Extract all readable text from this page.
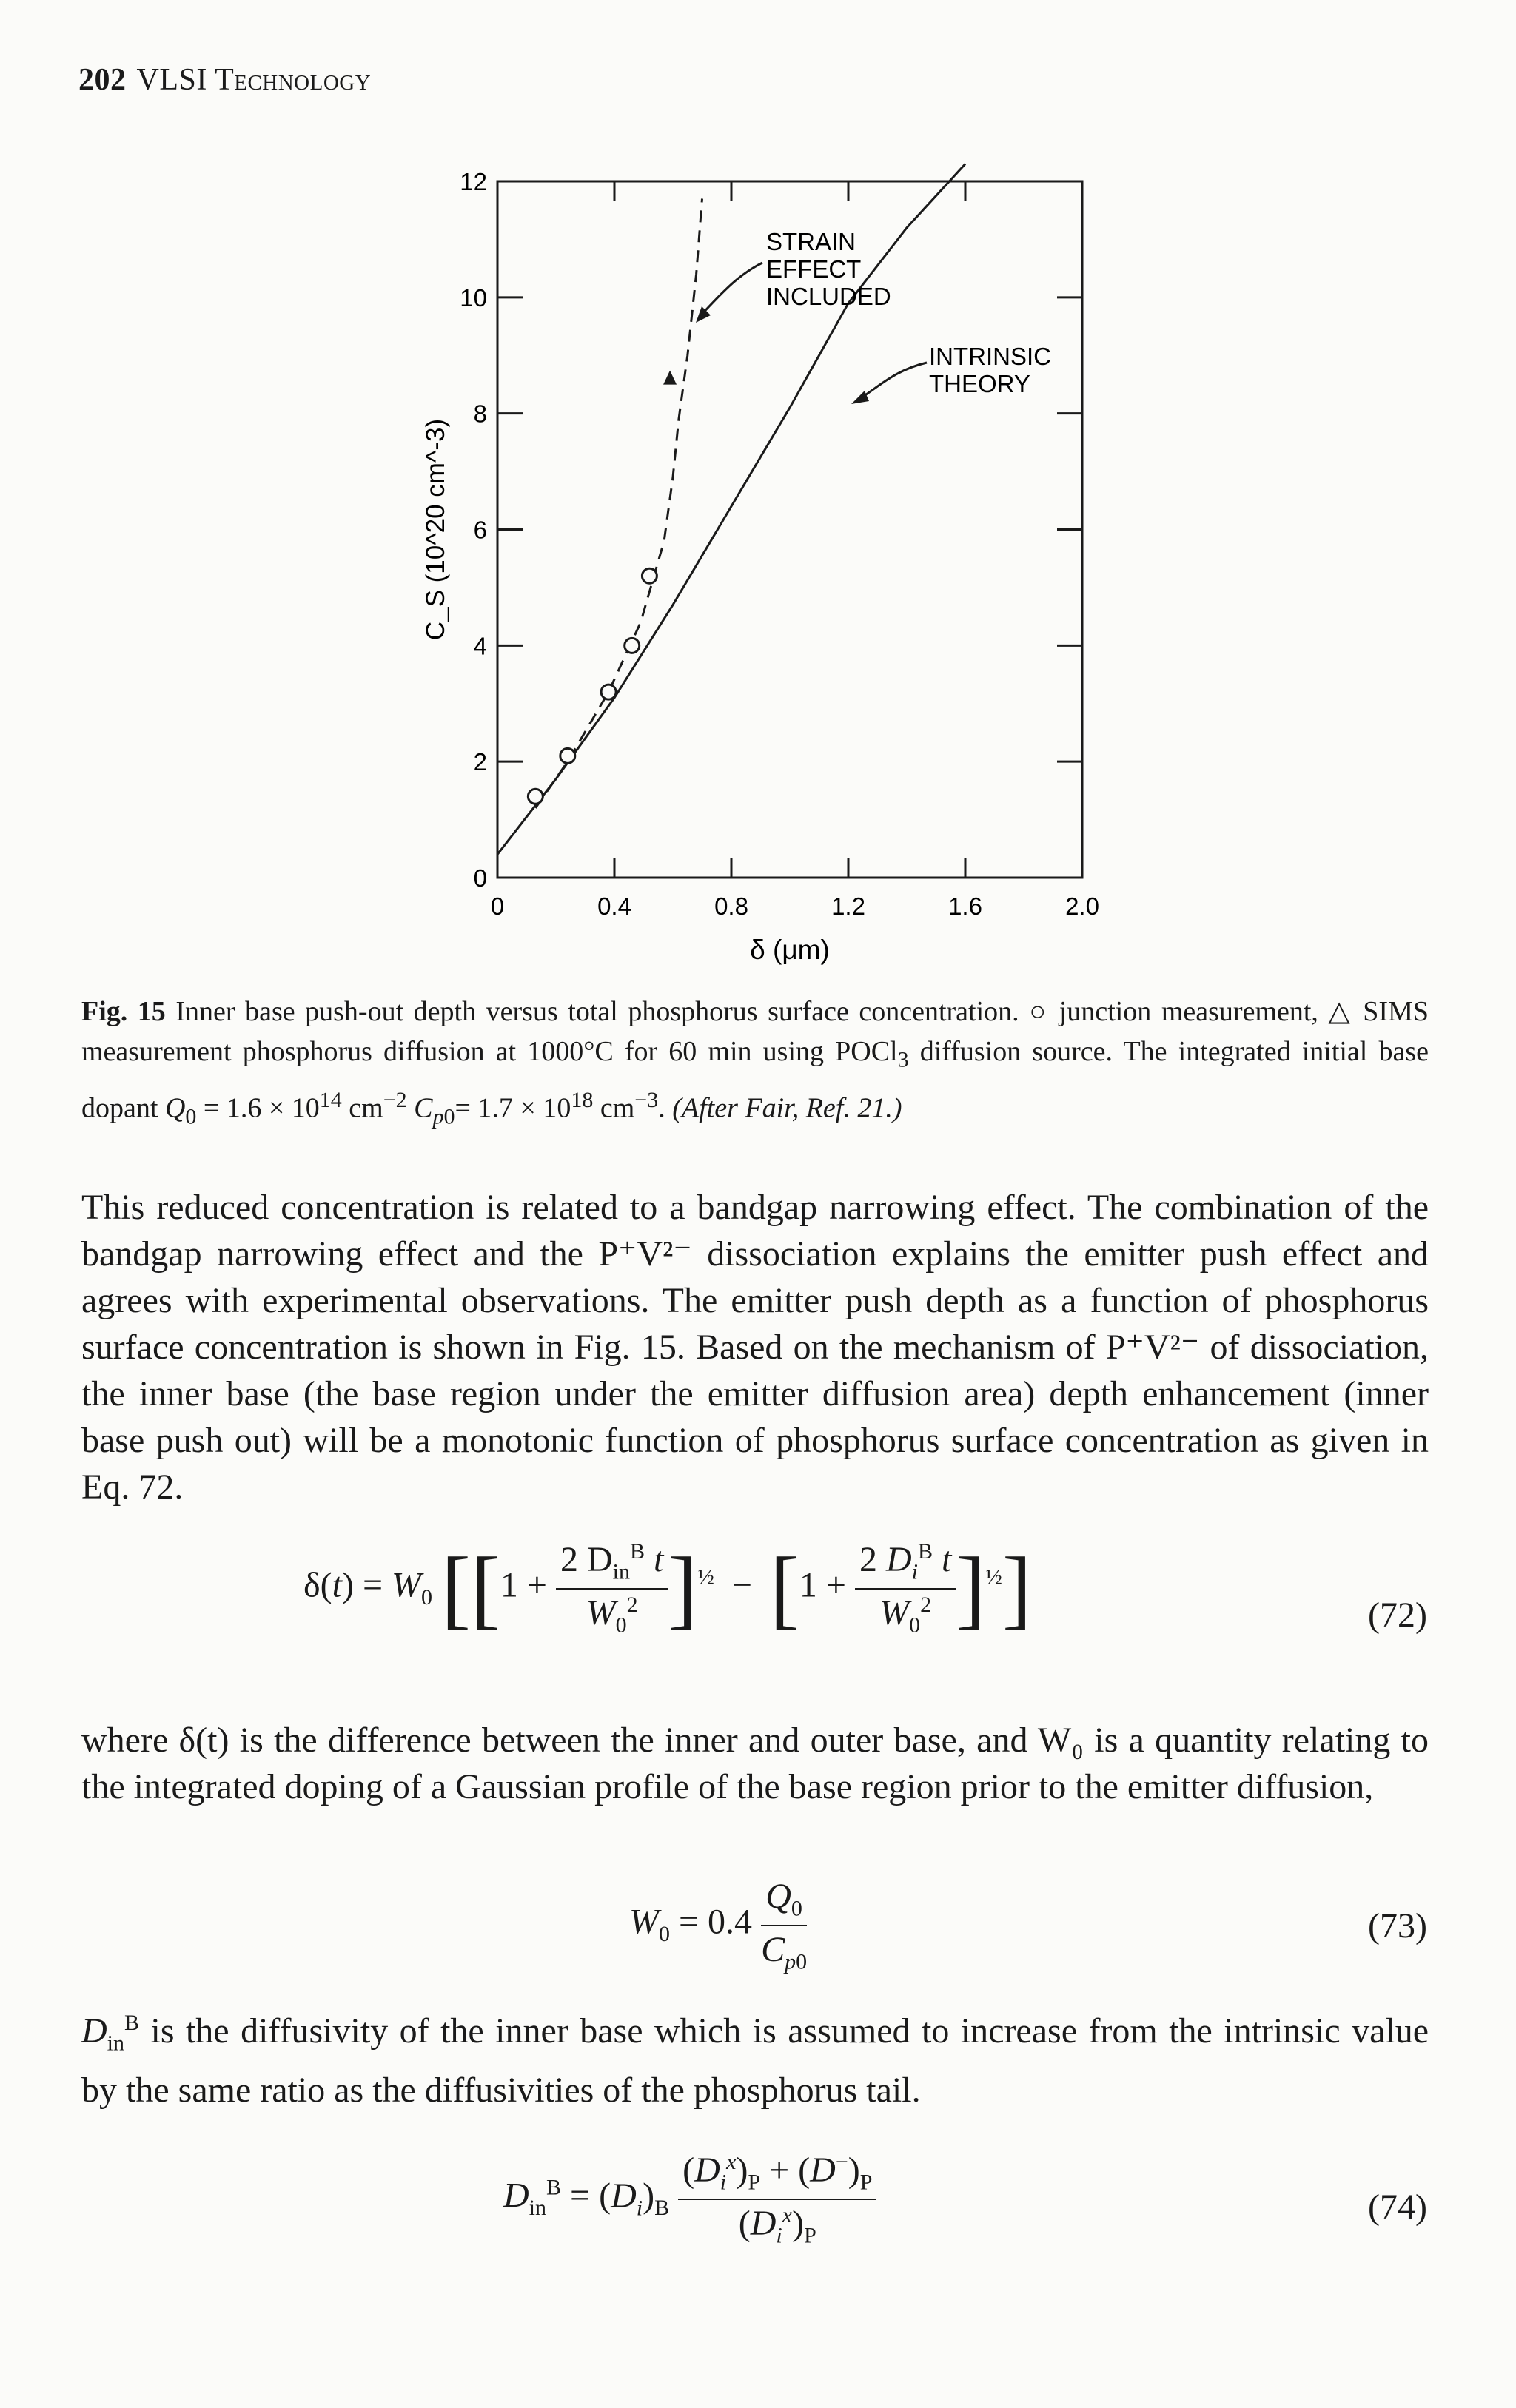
202 VLSI Technology
0	0.4	0.8	1.2	1.6	2.0
0
2
4
6
8
10
12
δ (μm)
C_S (10^20 cm^-3)
STRAIN
EFFECT
INCLUDED
INTRINSIC
THEORY
Fig. 15 Inner base push-out depth versus total phosphorus surface concentration. ○ junction measurement, △ SIMS measurement phosphorus diffusion at 1000°C for 60 min using POCl$_3$ diffusion source. The integrated initial base dopant $Q_0 = 1.6 \times 10^{14}$ $cm^{-2}$ $C_{p0}= 1.7 \times 10^{18}$ $cm^{-3}$. (After Fair, Ref. 21.)
This reduced concentration is related to a bandgap narrowing effect. The combination of the bandgap narrowing effect and the P⁺V²⁻ dissociation explains the emitter push effect and agrees with experimental observations. The emitter push depth as a function of phosphorus surface concentration is shown in Fig. 15. Based on the mechanism of P⁺V²⁻ of dissociation, the inner base (the base region under the emitter diffusion area) depth enhancement (inner base push out) will be a monotonic function of phosphorus surface concentration as given in Eq. 72.
$\delta(t) = W_0$ $[[1 + \frac{2 D_{in}^B t}{W_0^2} ]^{\frac{1}{2}} - [1 + \frac{2 D_i^B t}{W_0^2} ]^{\frac{1}{2}}]$	(72)
where δ(t) is the difference between the inner and outer base, and W₀ is a quantity relating to the integrated doping of a Gaussian profile of the base region prior to the emitter diffusion,
$W_0 = 0.4 \frac{Q_0}{C_{p0}}$	(73)
$D_{in}^B$ is the diffusivity of the inner base which is assumed to increase from the intrinsic value by the same ratio as the diffusivities of the phosphorus tail.
$D_{in}^B = (D_i)_B \frac{(D_i^x)_P + (D^-)_P}{(D_i^x)_P}$	(74)
